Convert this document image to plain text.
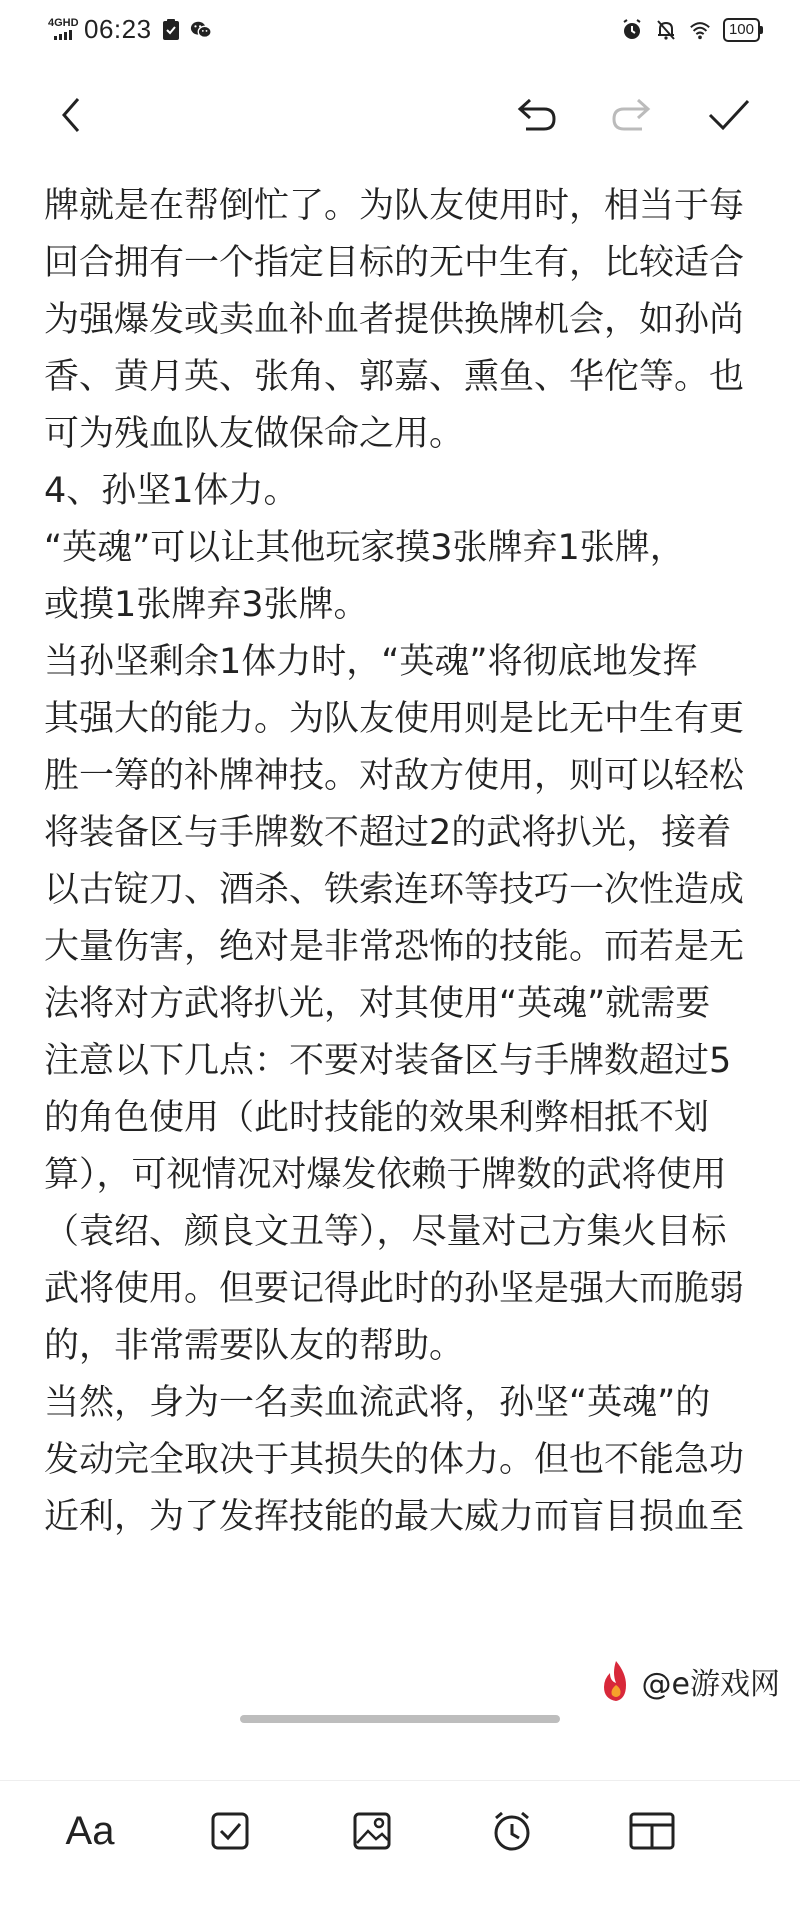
4GHD 06:23	100

牌就是在帮倒忙了。为队友使用时，相当于每

回合拥有一个指定目标的无中生有，比较适合

为强爆发或卖血补血者提供换牌机会，如孙尚

香、黄月英、张角、郭嘉、熏鱼、华佗等。也

可为残血队友做保命之用。

4、孙坚1体力。

“英魂”可以让其他玩家摸3张牌弃1张牌，

或摸1张牌弃3张牌。

当孙坚剩余1体力时，“英魂”将彻底地发挥

其强大的能力。为队友使用则是比无中生有更

胜一筹的补牌神技。对敌方使用，则可以轻松

将装备区与手牌数不超过2的武将扒光，接着

以古锭刀、酒杀、铁索连环等技巧一次性造成

大量伤害，绝对是非常恐怖的技能。而若是无

法将对方武将扒光，对其使用“英魂”就需要

注意以下几点：不要对装备区与手牌数超过5

的角色使用（此时技能的效果利弊相抵不划

算），可视情况对爆发依赖于牌数的武将使用

（袁绍、颜良文丑等），尽量对己方集火目标

武将使用。但要记得此时的孙坚是强大而脆弱

的，非常需要队友的帮助。

当然，身为一名卖血流武将，孙坚“英魂”的

发动完全取决于其损失的体力。但也不能急功

近利，为了发挥技能的最大威力而盲目损血至

Aa
@e游戏网
